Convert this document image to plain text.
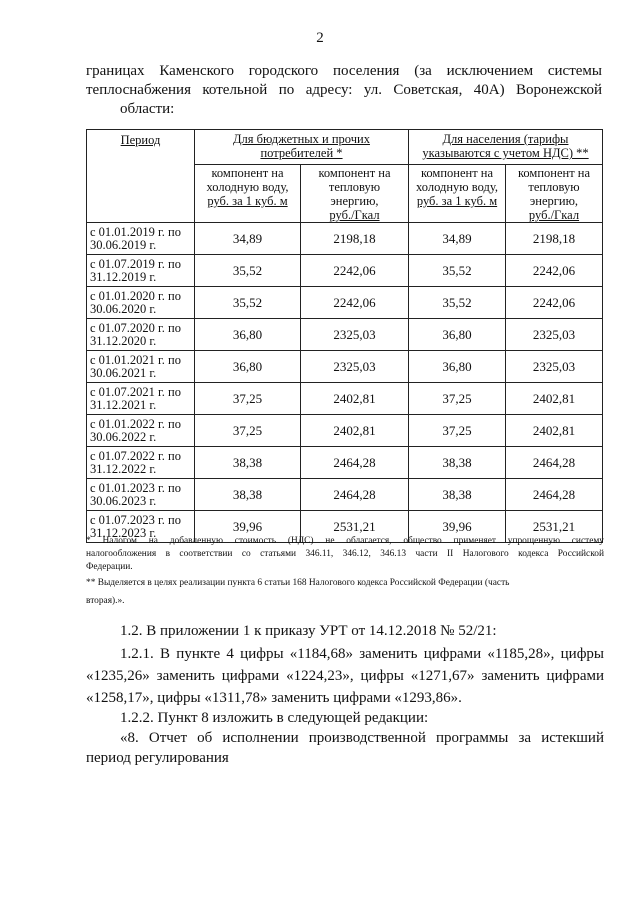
2
границах Каменского городского поселения (за исключением системы
теплоснабжения котельной по адресу: ул. Советская, 40А) Воронежской
области:
Период	Для бюджетных и прочих
потребителей *		Для населения (тарифы
указываются с учетом НДС) **	
	компонент на
холодную воду,
руб. за 1 куб. м	компонент на
тепловую
энергию,
руб./Гкал	компонент на
холодную воду,
руб. за 1 куб. м	компонент на
тепловую
энергию,
руб./Гкал
с 01.01.2019 г. по
30.06.2019 г.	34,89	2198,18	34,89	2198,18
с 01.07.2019 г. по
31.12.2019 г.	35,52	2242,06	35,52	2242,06
с 01.01.2020 г. по
30.06.2020 г.	35,52	2242,06	35,52	2242,06
с 01.07.2020 г. по
31.12.2020 г.	36,80	2325,03	36,80	2325,03
с 01.01.2021 г. по
30.06.2021 г.	36,80	2325,03	36,80	2325,03
с 01.07.2021 г. по
31.12.2021 г.	37,25	2402,81	37,25	2402,81
с 01.01.2022 г. по
30.06.2022 г.	37,25	2402,81	37,25	2402,81
с 01.07.2022 г. по
31.12.2022 г.	38,38	2464,28	38,38	2464,28
с 01.01.2023 г. по
30.06.2023 г.	38,38	2464,28	38,38	2464,28
с 01.07.2023 г. по
31.12.2023 г.	39,96	2531,21	39,96	2531,21
* Налогом на добавленную стоимость (НДС) не облагается, общество применяет упрощенную систему
налогообложения в соответствии со статьями 346.11, 346.12, 346.13 части II Налогового кодекса Российской
Федерации.
** Выделяется в целях реализации пункта 6 статьи 168 Налогового кодекса Российской Федерации (часть
вторая).».
1.2. В приложении 1 к приказу УРТ от 14.12.2018 № 52/21:
1.2.1. В пункте 4 цифры «1184,68» заменить цифрами «1185,28», цифры
«1235,26» заменить цифрами «1224,23», цифры «1271,67» заменить цифрами
«1258,17», цифры «1311,78» заменить цифрами «1293,86».
1.2.2. Пункт 8 изложить в следующей редакции:
«8. Отчет об исполнении производственной программы за истекший
период регулирования
